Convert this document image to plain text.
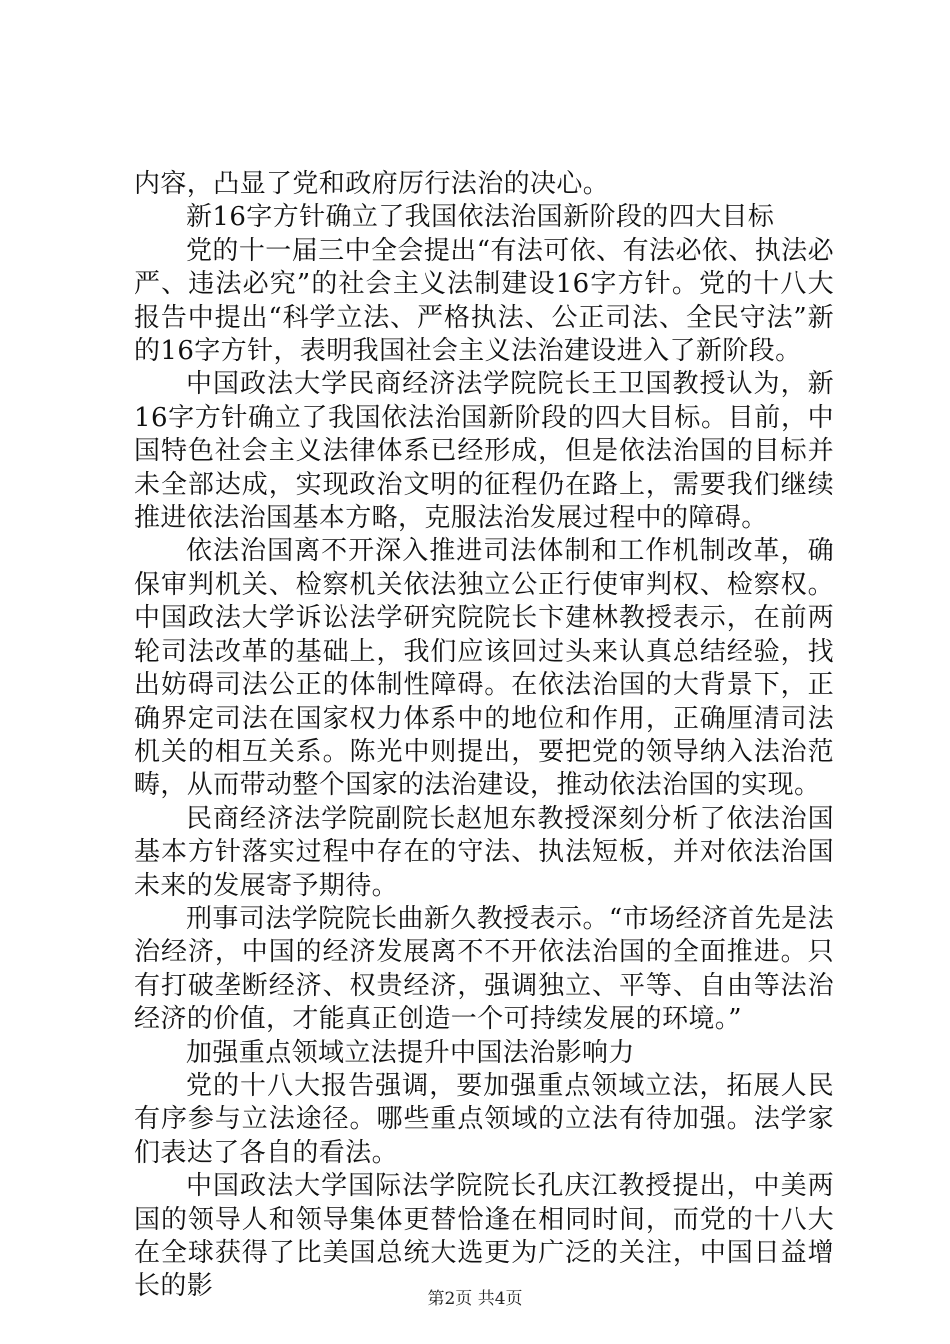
内容，凸显了党和政府厉行法治的决心。

新16字方针确立了我国依法治国新阶段的四大目标

党的十一届三中全会提出“有法可依、有法必依、执法必严、违法必究”的社会主义法制建设16字方针。党的十八大报告中提出“科学立法、严格执法、公正司法、全民守法”新的16字方针，表明我国社会主义法治建设进入了新阶段。

中国政法大学民商经济法学院院长王卫国教授认为，新16字方针确立了我国依法治国新阶段的四大目标。目前，中国特色社会主义法律体系已经形成，但是依法治国的目标并未全部达成，实现政治文明的征程仍在路上，需要我们继续推进依法治国基本方略，克服法治发展过程中的障碍。

依法治国离不开深入推进司法体制和工作机制改革，确保审判机关、检察机关依法独立公正行使审判权、检察权。中国政法大学诉讼法学研究院院长卞建林教授表示，在前两轮司法改革的基础上，我们应该回过头来认真总结经验，找出妨碍司法公正的体制性障碍。在依法治国的大背景下，正确界定司法在国家权力体系中的地位和作用，正确厘清司法机关的相互关系。陈光中则提出，要把党的领导纳入法治范畴，从而带动整个国家的法治建设，推动依法治国的实现。

民商经济法学院副院长赵旭东教授深刻分析了依法治国基本方针落实过程中存在的守法、执法短板，并对依法治国未来的发展寄予期待。

刑事司法学院院长曲新久教授表示。“市场经济首先是法治经济，中国的经济发展离不不开依法治国的全面推进。只有打破垄断经济、权贵经济，强调独立、平等、自由等法治经济的价值，才能真正创造一个可持续发展的环境。”

加强重点领域立法提升中国法治影响力

党的十八大报告强调，要加强重点领域立法，拓展人民有序参与立法途径。哪些重点领域的立法有待加强。法学家们表达了各自的看法。

中国政法大学国际法学院院长孔庆江教授提出，中美两国的领导人和领导集体更替恰逢在相同时间，而党的十八大在全球获得了比美国总统大选更为广泛的关注，中国日益增长的影	第2页 共4页
